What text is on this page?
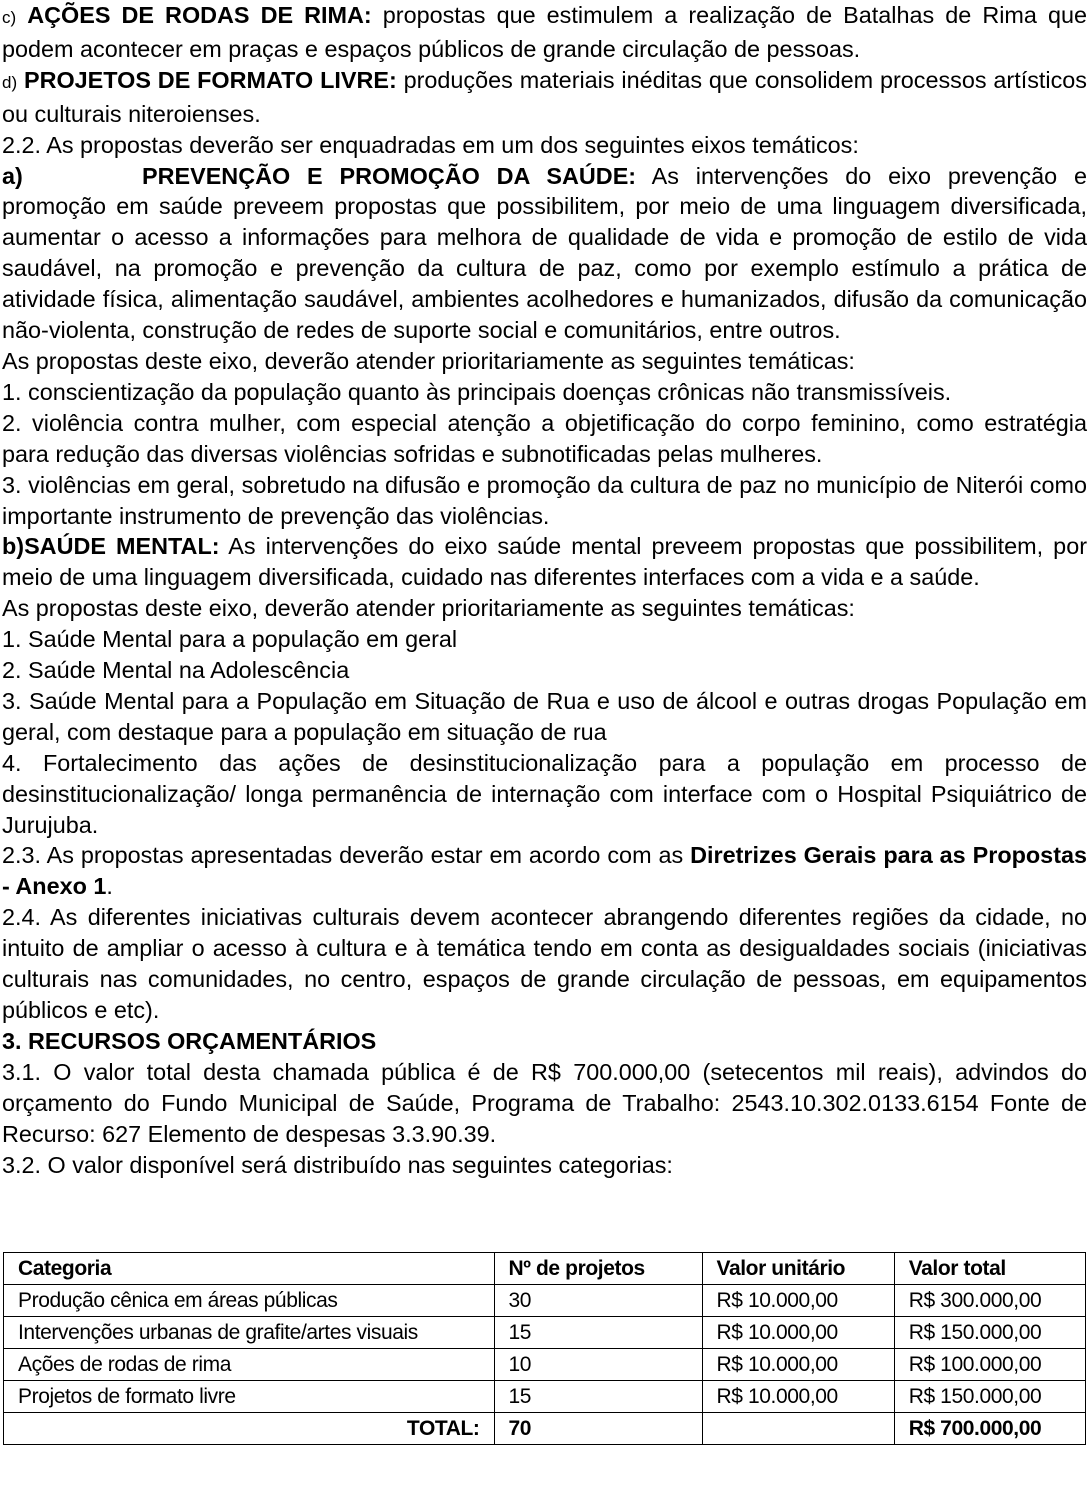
c) AÇÕES DE RODAS DE RIMA: propostas que estimulem a realização de Batalhas de Rima que podem acontecer em praças e espaços públicos de grande circulação de pessoas.

d) PROJETOS DE FORMATO LIVRE: produções materiais inéditas que consolidem processos artísticos ou culturais niteroienses.

2.2. As propostas deverão ser enquadradas em um dos seguintes eixos temáticos:

a)	PREVENÇÃO E PROMOÇÃO DA SAÚDE: As intervenções do eixo prevenção e promoção em saúde preveem propostas que possibilitem, por meio de uma linguagem diversificada, aumentar o acesso a informações para melhora de qualidade de vida e promoção de estilo de vida saudável, na promoção e prevenção da cultura de paz, como por exemplo estímulo a prática de atividade física, alimentação saudável, ambientes acolhedores e humanizados, difusão da comunicação não-violenta, construção de redes de suporte social e comunitários, entre outros.

As propostas deste eixo, deverão atender prioritariamente as seguintes temáticas:

1. conscientização da população quanto às principais doenças crônicas não transmissíveis.

2. violência contra mulher, com especial atenção a objetificação do corpo feminino, como estratégia para redução das diversas violências sofridas e subnotificadas pelas mulheres.

3. violências em geral, sobretudo na difusão e promoção da cultura de paz no município de Niterói como importante instrumento de prevenção das violências.

b)SAÚDE MENTAL: As intervenções do eixo saúde mental preveem propostas que possibilitem, por meio de uma linguagem diversificada, cuidado nas diferentes interfaces com a vida e a saúde.

As propostas deste eixo, deverão atender prioritariamente as seguintes temáticas:

1. Saúde Mental para a população em geral

2. Saúde Mental na Adolescência

3. Saúde Mental para a População em Situação de Rua e uso de álcool e outras drogas População em geral, com destaque para a população em situação de rua

4. Fortalecimento das ações de desinstitucionalização para a população em processo de desinstitucionalização/ longa permanência de internação com interface com o Hospital Psiquiátrico de Jurujuba.

2.3. As propostas apresentadas deverão estar em acordo com as Diretrizes Gerais para as Propostas - Anexo 1.

2.4. As diferentes iniciativas culturais devem acontecer abrangendo diferentes regiões da cidade, no intuito de ampliar o acesso à cultura e à temática tendo em conta as desigualdades sociais (iniciativas culturais nas comunidades, no centro, espaços de grande circulação de pessoas, em equipamentos públicos e etc).

3. RECURSOS ORÇAMENTÁRIOS

3.1. O valor total desta chamada pública é de R$ 700.000,00 (setecentos mil reais), advindos do orçamento do Fundo Municipal de Saúde, Programa de Trabalho: 2543.10.302.0133.6154 Fonte de Recurso: 627 Elemento de despesas 3.3.90.39.

3.2. O valor disponível será distribuído nas seguintes categorias:

Categoria	Nº de projetos	Valor unitário	Valor total
Produção cênica em áreas públicas	30	R$ 10.000,00	R$ 300.000,00
Intervenções urbanas de grafite/artes visuais	15	R$ 10.000,00	R$ 150.000,00
Ações de rodas de rima	10	R$ 10.000,00	R$ 100.000,00
Projetos de formato livre	15	R$ 10.000,00	R$ 150.000,00
TOTAL:	70		R$ 700.000,00
